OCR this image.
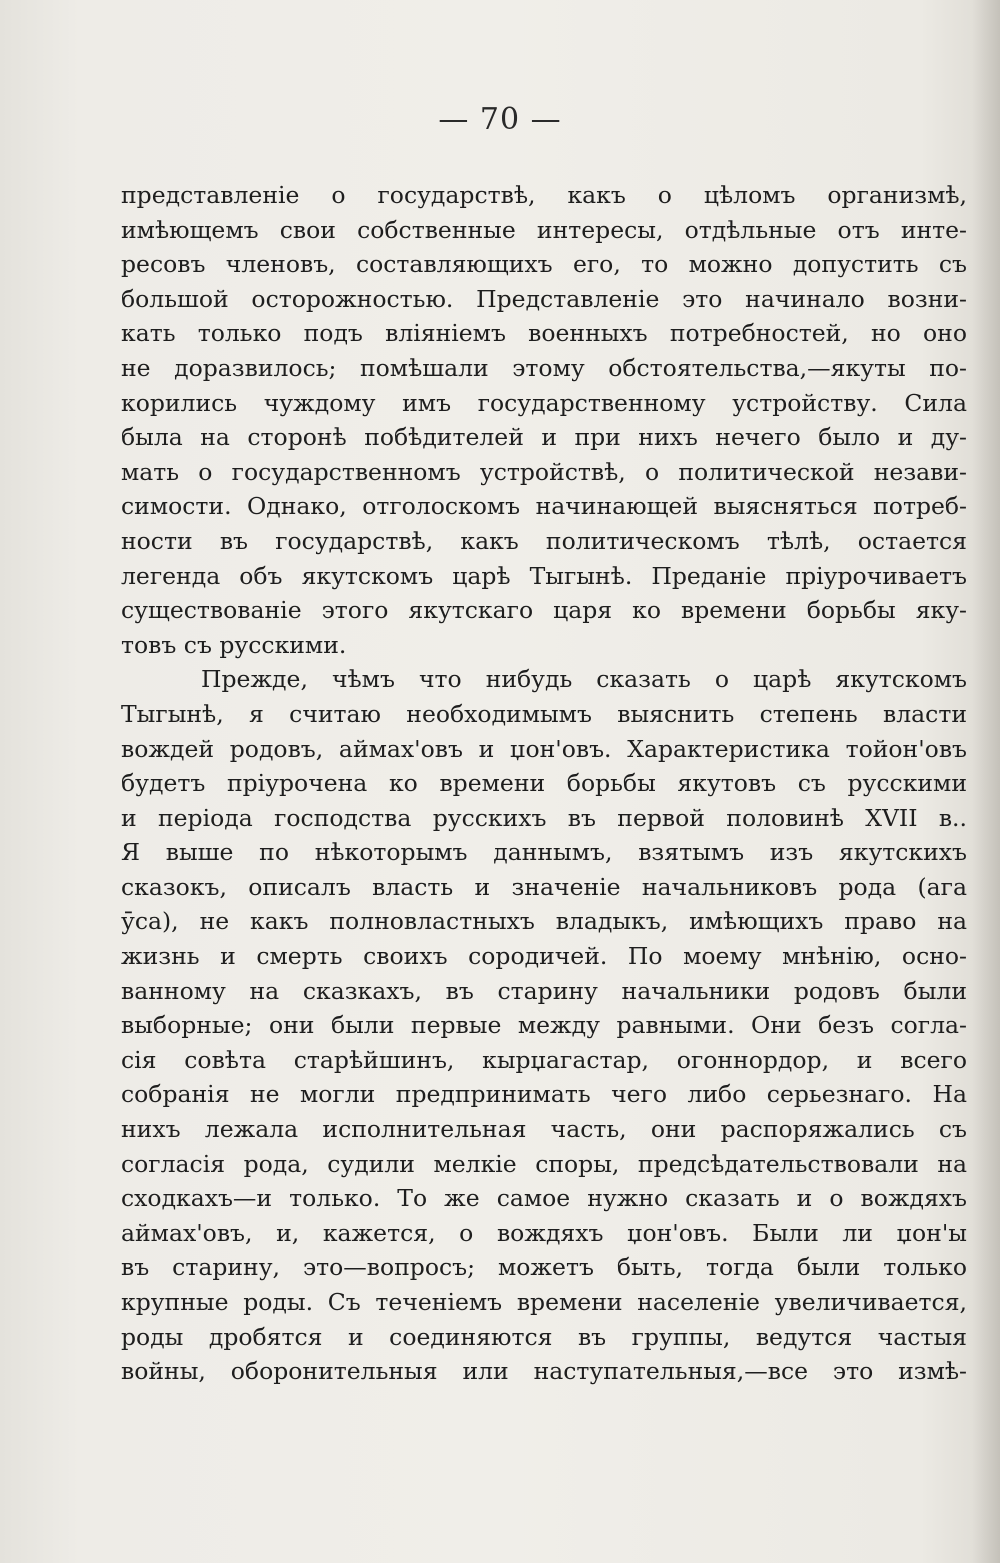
— 70 —
представленіе о государствѣ, какъ о цѣломъ организмѣ,
имѣющемъ свои собственные интересы, отдѣльные отъ инте-
ресовъ членовъ, составляющихъ его, то можно допустить съ
большой осторожностью. Представленіе это начинало возни-
кать только подъ вліяніемъ военныхъ потребностей, но оно
не доразвилось; помѣшали этому обстоятельства,—якуты по-
корились чуждому имъ государственному устройству. Сила
была на сторонѣ побѣдителей и при нихъ нечего было и ду-
мать о государственномъ устройствѣ, о политической незави-
симости. Однако, отголоскомъ начинающей выясняться потреб-
ности въ государствѣ, какъ политическомъ тѣлѣ, остается
легенда объ якутскомъ царѣ Тыгынѣ. Преданіе пріурочиваетъ
существованіе этого якутскаго царя ко времени борьбы яку-
товъ съ русскими.
Прежде, чѣмъ что нибудь сказать о царѣ якутскомъ
Тыгынѣ, я считаю необходимымъ выяснить степень власти
вождей родовъ, аймах'овъ и џон'овъ. Характеристика тойон'овъ
будетъ пріурочена ко времени борьбы якутовъ съ русскими
и періода господства русскихъ въ первой половинѣ XVII в..
Я выше по нѣкоторымъ даннымъ, взятымъ изъ якутскихъ
сказокъ, описалъ власть и значеніе начальниковъ рода (ага
ӯса), не какъ полновластныхъ владыкъ, имѣющихъ право на
жизнь и смерть своихъ сородичей. По моему мнѣнію, осно-
ванному на сказкахъ, въ старину начальники родовъ были
выборные; они были первые между равными. Они безъ согла-
сія совѣта старѣйшинъ, кырџагастар, огоннордор, и всего
собранія не могли предпринимать чего либо серьезнаго. На
нихъ лежала исполнительная часть, они распоряжались съ
согласія рода, судили мелкіе споры, предсѣдательствовали на
сходкахъ—и только. То же самое нужно сказать и о вождяхъ
аймах'овъ, и, кажется, о вождяхъ џон'овъ. Были ли џон'ы
въ старину, это—вопросъ; можетъ быть, тогда были только
крупные роды. Съ теченіемъ времени населеніе увеличивается,
роды дробятся и соединяются въ группы, ведутся частыя
войны, оборонительныя или наступательныя,—все это измѣ-
